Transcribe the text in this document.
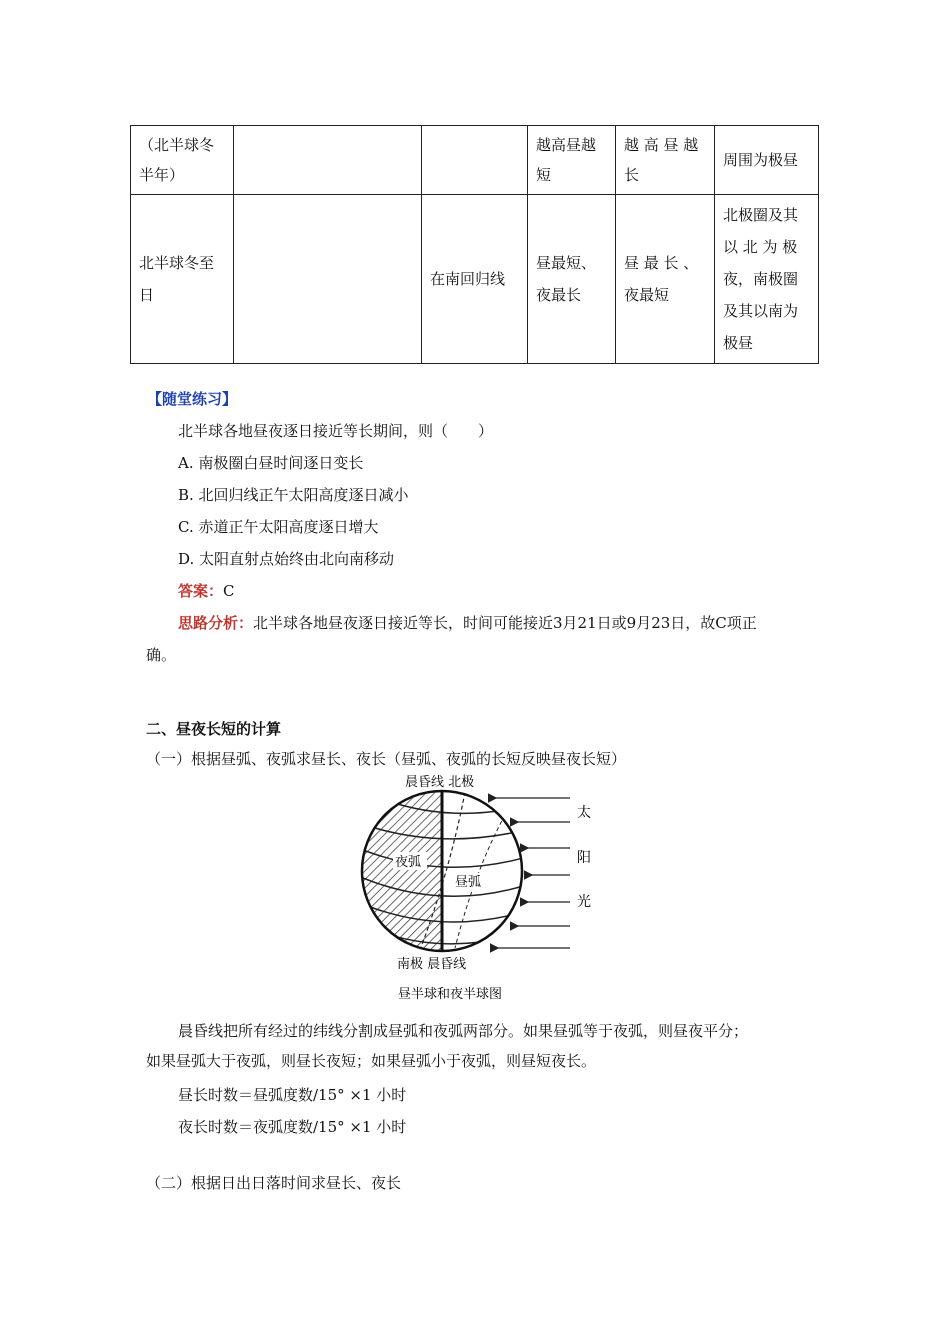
（北半球冬半年）			越高昼越短	越 高 昼 越长	周围为极昼
北半球冬至日		在南回归线	昼最短、夜最长	昼 最 长 、夜最短	北极圈及其以 北 为 极夜，南极圈及其以南为极昼
【随堂练习】
北半球各地昼夜逐日接近等长期间，则（　　）
A. 南极圈白昼时间逐日变长
B. 北回归线正午太阳高度逐日减小
C. 赤道正午太阳高度逐日增大
D. 太阳直射点始终由北向南移动
答案：C
思路分析：北半球各地昼夜逐日接近等长，时间可能接近3月21日或9月23日，故C项正
确。
二、昼夜长短的计算
（一）根据昼弧、夜弧求昼长、夜长（昼弧、夜弧的长短反映昼夜长短）
晨昏线 北极
南极 晨昏线
夜弧
昼弧
太
阳
光
昼半球和夜半球图
晨昏线把所有经过的纬线分割成昼弧和夜弧两部分。如果昼弧等于夜弧，则昼夜平分；
如果昼弧大于夜弧，则昼长夜短；如果昼弧小于夜弧，则昼短夜长。
昼长时数＝昼弧度数/15° ×1 小时
夜长时数＝夜弧度数/15° ×1 小时
（二）根据日出日落时间求昼长、夜长
